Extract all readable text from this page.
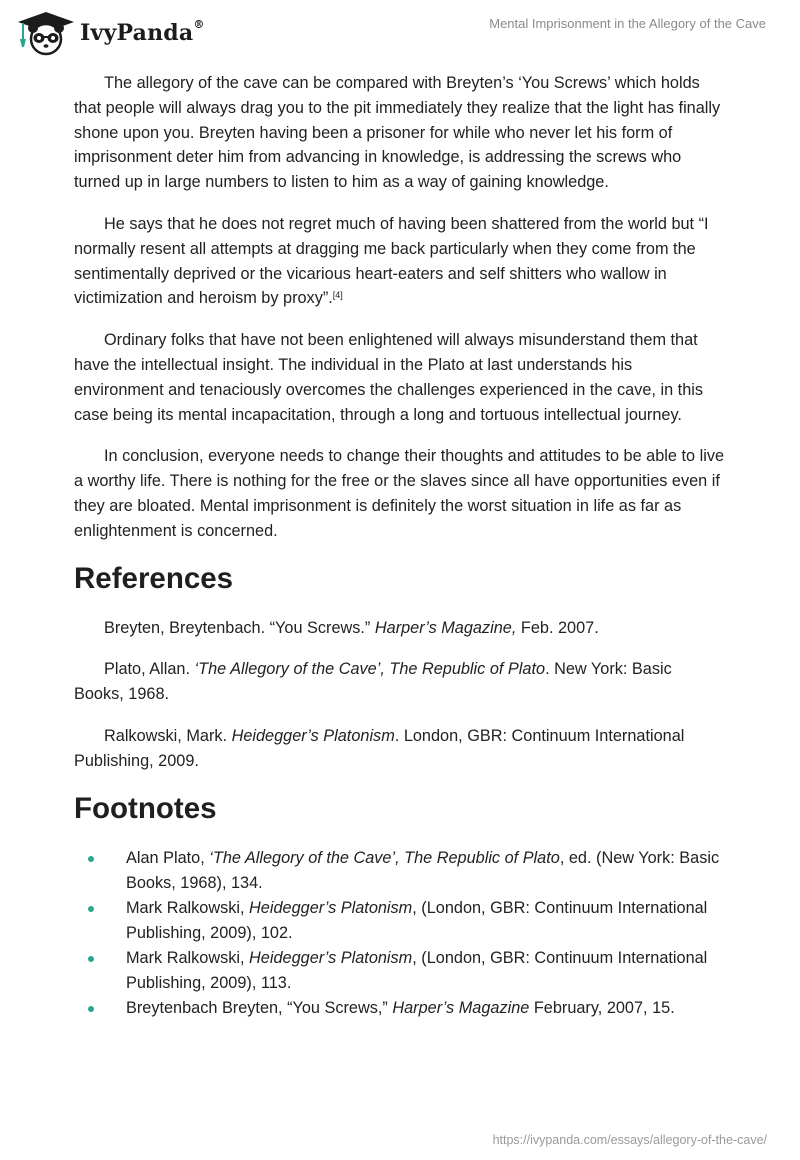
IvyPanda®	Mental Imprisonment in the Allegory of the Cave

The allegory of the cave can be compared with Breyten’s ‘You Screws’ which holds that people will always drag you to the pit immediately they realize that the light has finally shone upon you. Breyten having been a prisoner for while who never let his form of imprisonment deter him from advancing in knowledge, is addressing the screws who turned up in large numbers to listen to him as a way of gaining knowledge.

He says that he does not regret much of having been shattered from the world but “I normally resent all attempts at dragging me back particularly when they come from the sentimentally deprived or the vicarious heart-eaters and self shitters who wallow in victimization and heroism by proxy”.[4]

Ordinary folks that have not been enlightened will always misunderstand them that have the intellectual insight. The individual in the Plato at last understands his environment and tenaciously overcomes the challenges experienced in the cave, in this case being its mental incapacitation, through a long and tortuous intellectual journey.

In conclusion, everyone needs to change their thoughts and attitudes to be able to live a worthy life. There is nothing for the free or the slaves since all have opportunities even if they are bloated. Mental imprisonment is definitely the worst situation in life as far as enlightenment is concerned.

References

Breyten, Breytenbach. “You Screws.” Harper’s Magazine, Feb. 2007.

Plato, Allan. ‘The Allegory of the Cave’, The Republic of Plato. New York: Basic Books, 1968.

Ralkowski, Mark. Heidegger’s Platonism. London, GBR: Continuum International Publishing, 2009.

Footnotes
Alan Plato, ‘The Allegory of the Cave’, The Republic of Plato, ed. (New York: Basic Books, 1968), 134.
Mark Ralkowski, Heidegger’s Platonism, (London, GBR: Continuum International Publishing, 2009), 102.
Mark Ralkowski, Heidegger’s Platonism, (London, GBR: Continuum International Publishing, 2009), 113.
Breytenbach Breyten, “You Screws,” Harper’s Magazine February, 2007, 15.
https://ivypanda.com/essays/allegory-of-the-cave/
